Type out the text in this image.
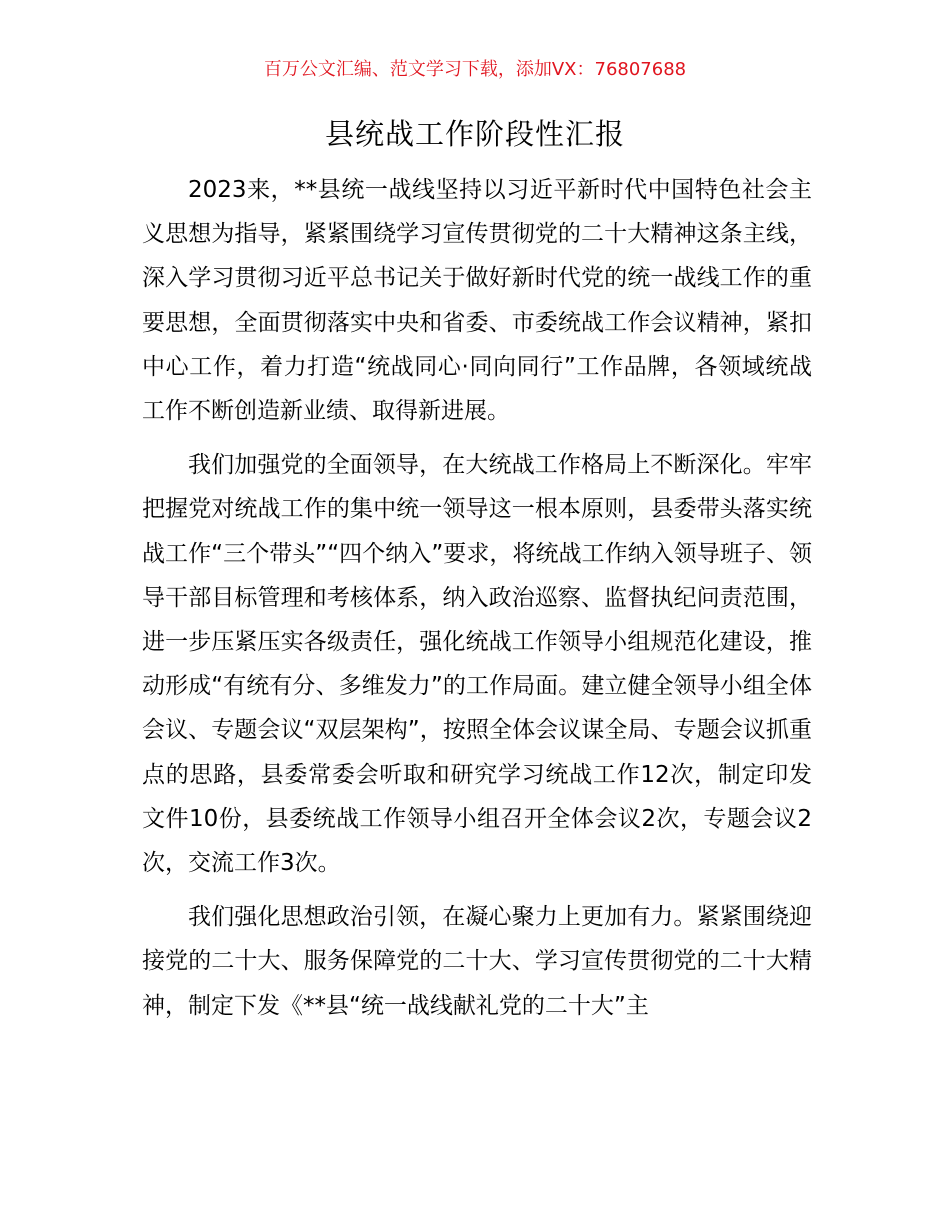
百万公文汇编、范文学习下载，添加VX：76807688
县统战工作阶段性汇报

2023来，**县统一战线坚持以习近平新时代中国特色社会主义思想为指导，紧紧围绕学习宣传贯彻党的二十大精神这条主线，深入学习贯彻习近平总书记关于做好新时代党的统一战线工作的重要思想，全面贯彻落实中央和省委、市委统战工作会议精神，紧扣中心工作，着力打造“统战同心·同向同行”工作品牌，各领域统战工作不断创造新业绩、取得新进展。

我们加强党的全面领导，在大统战工作格局上不断深化。牢牢把握党对统战工作的集中统一领导这一根本原则，县委带头落实统战工作“三个带头”“四个纳入”要求，将统战工作纳入领导班子、领导干部目标管理和考核体系，纳入政治巡察、监督执纪问责范围，进一步压紧压实各级责任，强化统战工作领导小组规范化建设，推动形成“有统有分、多维发力”的工作局面。建立健全领导小组全体会议、专题会议“双层架构”，按照全体会议谋全局、专题会议抓重点的思路，县委常委会听取和研究学习统战工作12次，制定印发文件10份，县委统战工作领导小组召开全体会议2次，专题会议2次，交流工作3次。

我们强化思想政治引领，在凝心聚力上更加有力。紧紧围绕迎接党的二十大、服务保障党的二十大、学习宣传贯彻党的二十大精神，制定下发《**县“统一战线献礼党的二十大”主
